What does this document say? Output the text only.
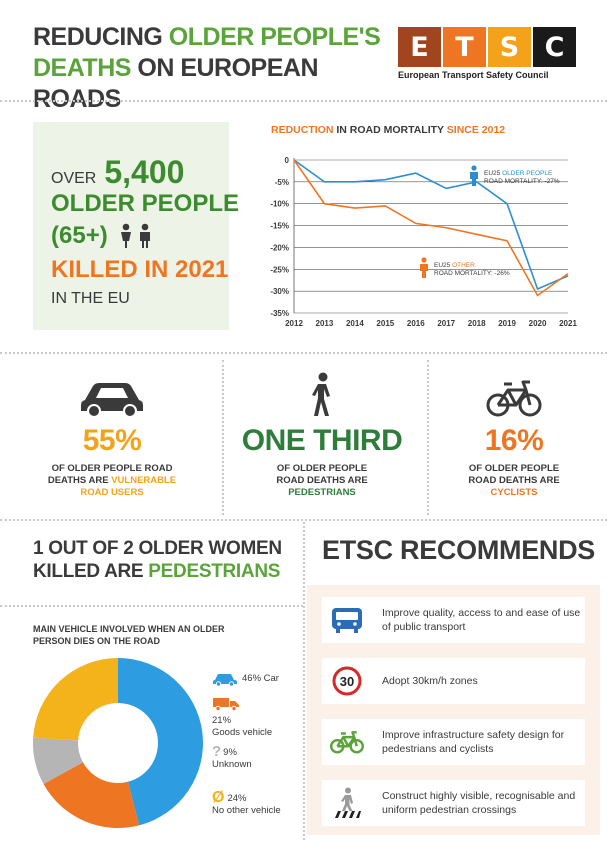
REDUCING OLDER PEOPLE'S
DEATHS ON EUROPEAN ROADS
E T S C
European Transport Safety Council
OVER 5,400
OLDER PEOPLE
(65+)
KILLED IN 2021
IN THE EU
REDUCTION IN ROAD MORTALITY SINCE 2012
0
-5%
-10%
-15%
-20%
-25%
-30%
-35%
2012 2013 2014 2015 2016 2017 2018 2019 2020 2021
EU25 OLDER PEOPLE
ROAD MORTALITY: -27%
EU25 OTHER
ROAD MORTALITY: -26%
55%
OF OLDER PEOPLE ROAD
DEATHS ARE VULNERABLE
ROAD USERS
ONE THIRD
OF OLDER PEOPLE
ROAD DEATHS ARE
PEDESTRIANS
16%
OF OLDER PEOPLE
ROAD DEATHS ARE
CYCLISTS
1 OUT OF 2 OLDER WOMEN
KILLED ARE PEDESTRIANS
MAIN VEHICLE INVOLVED WHEN AN OLDER PERSON DIES ON THE ROAD
46% Car
21%
Goods vehicle
? 9%
Unknown
Ø 24%
No other vehicle
ETSC RECOMMENDS
Improve quality, access to and ease of use of public transport
30	Adopt 30km/h zones
Improve infrastructure safety design for pedestrians and cyclists
Construct highly visible, recognisable and uniform pedestrian crossings
